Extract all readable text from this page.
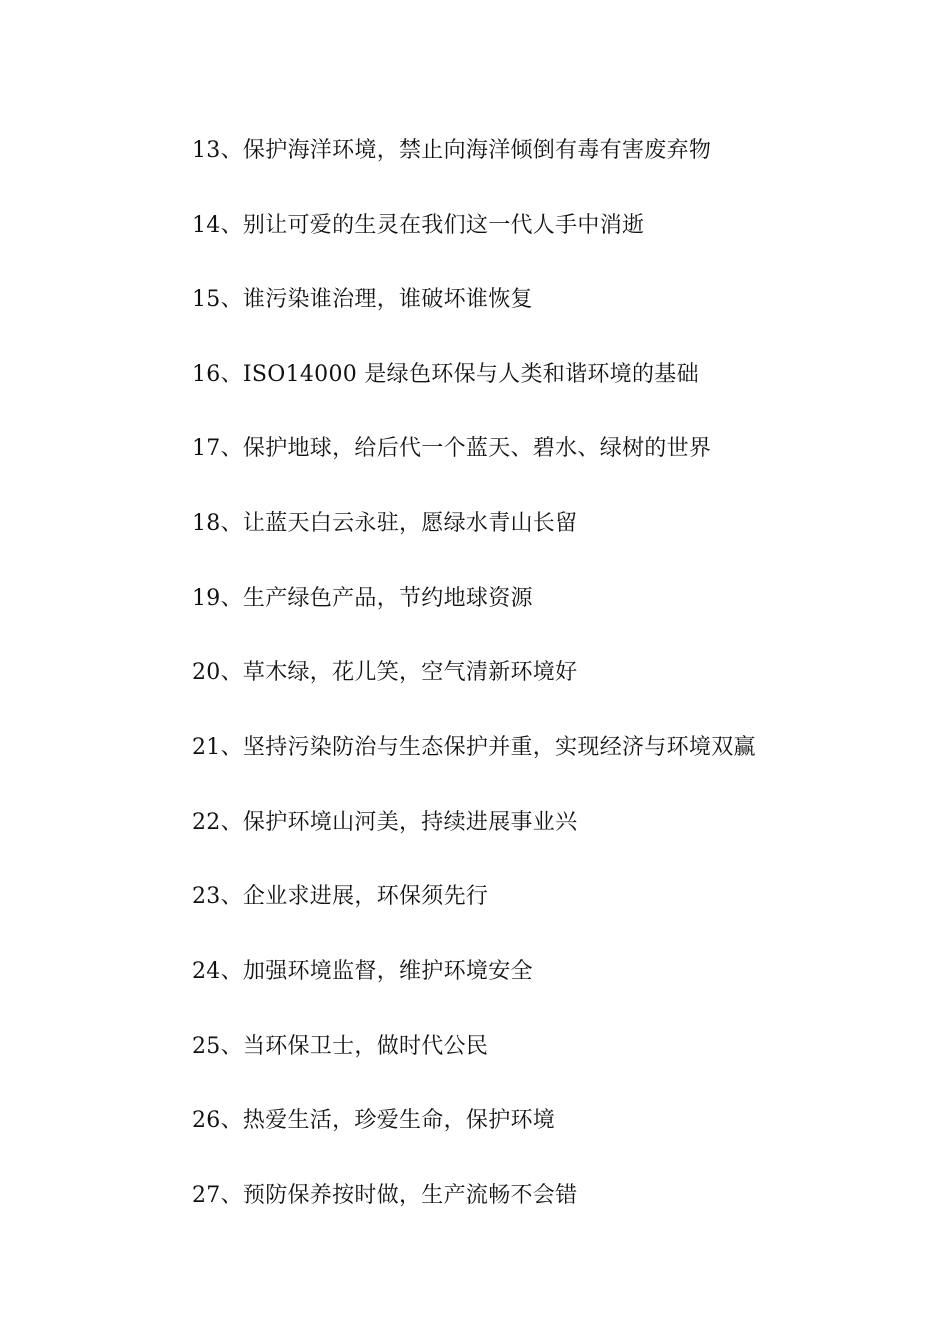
13、保护海洋环境，禁止向海洋倾倒有毒有害废弃物
14、别让可爱的生灵在我们这一代人手中消逝
15、谁污染谁治理，谁破坏谁恢复
16、ISO14000 是绿色环保与人类和谐环境的基础
17、保护地球，给后代一个蓝天、碧水、绿树的世界
18、让蓝天白云永驻，愿绿水青山长留
19、生产绿色产品，节约地球资源
20、草木绿，花儿笑，空气清新环境好
21、坚持污染防治与生态保护并重，实现经济与环境双赢
22、保护环境山河美，持续进展事业兴
23、企业求进展，环保须先行
24、加强环境监督，维护环境安全
25、当环保卫士，做时代公民
26、热爱生活，珍爱生命，保护环境
27、预防保养按时做，生产流畅不会错
